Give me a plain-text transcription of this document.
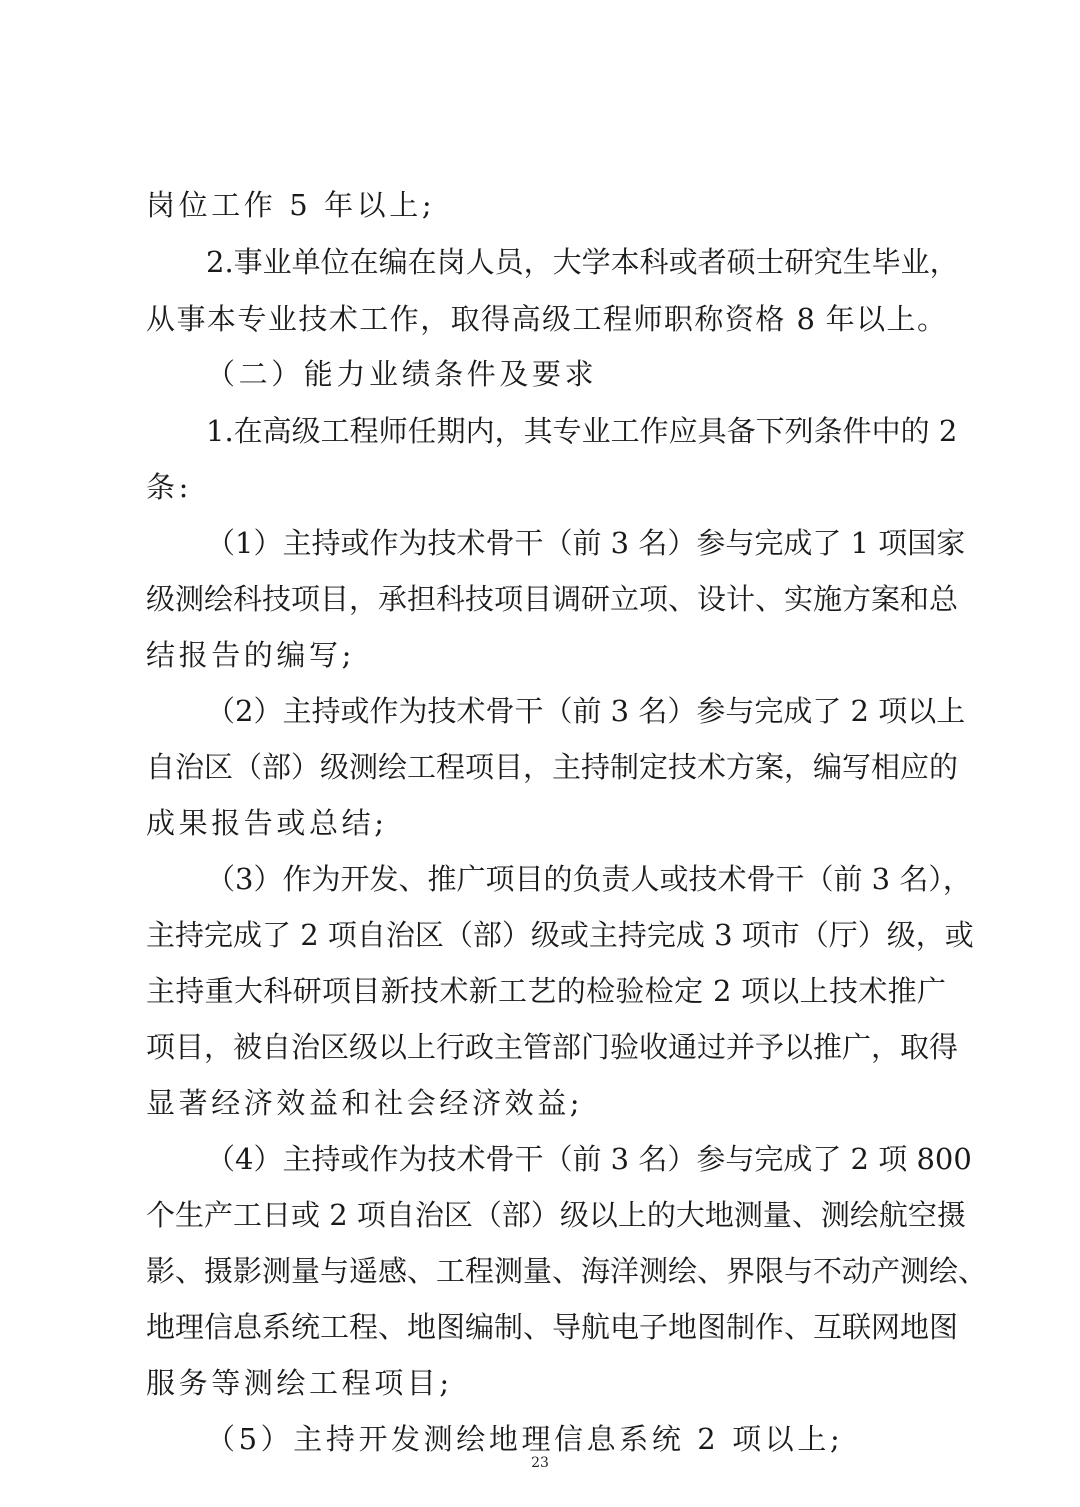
岗位工作 5 年以上;
2.事业单位在编在岗人员，大学本科或者硕士研究生毕业，
从事本专业技术工作，取得高级工程师职称资格 8 年以上。
（二）能力业绩条件及要求
1.在高级工程师任期内，其专业工作应具备下列条件中的 2
条:
（1）主持或作为技术骨干（前 3 名）参与完成了 1 项国家
级测绘科技项目，承担科技项目调研立项、设计、实施方案和总
结报告的编写;
（2）主持或作为技术骨干（前 3 名）参与完成了 2 项以上
自治区（部）级测绘工程项目，主持制定技术方案，编写相应的
成果报告或总结;
（3）作为开发、推广项目的负责人或技术骨干（前 3 名），
主持完成了 2 项自治区（部）级或主持完成 3 项市（厅）级，或
主持重大科研项目新技术新工艺的检验检定 2 项以上技术推广
项目，被自治区级以上行政主管部门验收通过并予以推广，取得
显著经济效益和社会经济效益;
（4）主持或作为技术骨干（前 3 名）参与完成了 2 项 800
个生产工日或 2 项自治区（部）级以上的大地测量、测绘航空摄
影、摄影测量与遥感、工程测量、海洋测绘、界限与不动产测绘、
地理信息系统工程、地图编制、导航电子地图制作、互联网地图
服务等测绘工程项目;
（5）主持开发测绘地理信息系统 2 项以上;
23
